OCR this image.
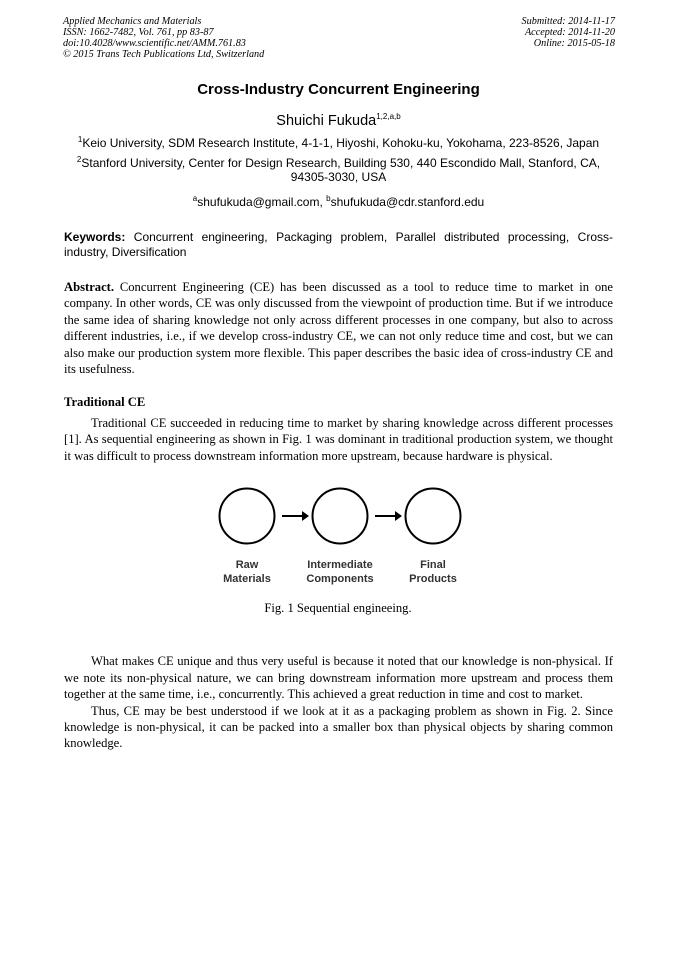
Applied Mechanics and Materials
ISSN: 1662-7482, Vol. 761, pp 83-87
doi:10.4028/www.scientific.net/AMM.761.83
© 2015 Trans Tech Publications Ltd, Switzerland
Submitted: 2014-11-17
Accepted: 2014-11-20
Online: 2015-05-18
Cross-Industry Concurrent Engineering
Shuichi Fukuda$^{1,2,a,b}$
$^1$Keio University, SDM Research Institute, 4-1-1, Hiyoshi, Kohoku-ku, Yokohama, 223-8526, Japan
$^2$Stanford University, Center for Design Research, Building 530, 440 Escondido Mall, Stanford, CA, 94305-3030, USA
$^a$shufukuda@gmail.com, $^b$shufukuda@cdr.stanford.edu
Keywords: Concurrent engineering, Packaging problem, Parallel distributed processing, Cross-industry, Diversification
Abstract. Concurrent Engineering (CE) has been discussed as a tool to reduce time to market in one company. In other words, CE was only discussed from the viewpoint of production time. But if we introduce the same idea of sharing knowledge not only across different processes in one company, but also to across different industries, i.e., if we develop cross-industry CE, we can not only reduce time and cost, but we can also make our production system more flexible. This paper describes the basic idea of cross-industry CE and its usefulness.
Traditional CE

Traditional CE succeeded in reducing time to market by sharing knowledge across different processes [1]. As sequential engineering as shown in Fig. 1 was dominant in traditional production system, we thought it was difficult to process downstream information more upstream, because hardware is physical.

Raw
Materials
Intermediate
Components
Final
Products
Fig. 1 Sequential engineeing.

What makes CE unique and thus very useful is because it noted that our knowledge is non-physical. If we note its non-physical nature, we can bring downstream information more upstream and process them together at the same time, i.e., concurrently. This achieved a great reduction in time and cost to market.

Thus, CE may be best understood if we look at it as a packaging problem as shown in Fig. 2. Since knowledge is non-physical, it can be packed into a smaller box than physical objects by sharing common knowledge.
